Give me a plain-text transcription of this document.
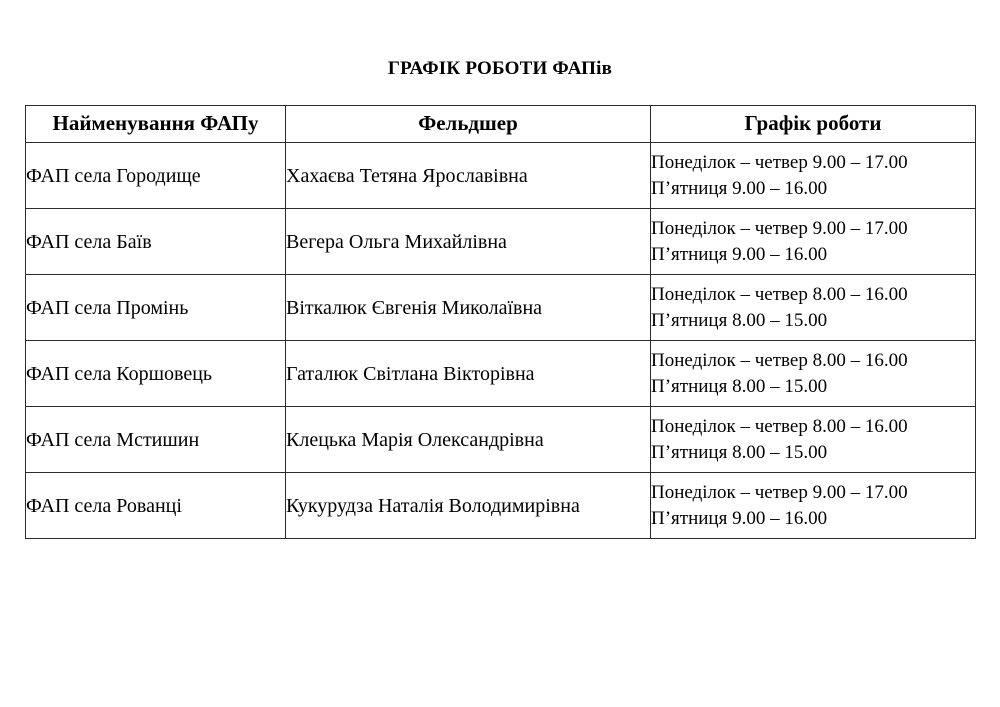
ГРАФІК РОБОТИ ФАПів
Найменування ФАПу	Фельдшер	Графік роботи
ФАП села Городище	Хахаєва Тетяна Ярославівна	Понеділок – четвер 9.00 – 17.00
П’ятниця 9.00 – 16.00

ФАП села Баїв	Вегера Ольга Михайлівна	Понеділок – четвер 9.00 – 17.00
П’ятниця 9.00 – 16.00

ФАП села Промінь	Віткалюк Євгенія Миколаївна	Понеділок – четвер 8.00 – 16.00
П’ятниця 8.00 – 15.00

ФАП села Коршовець	Гаталюк Світлана Вікторівна	Понеділок – четвер 8.00 – 16.00
П’ятниця 8.00 – 15.00

ФАП села Мстишин	Клецька Марія Олександрівна	Понеділок – четвер 8.00 – 16.00
П’ятниця 8.00 – 15.00

ФАП села Рованці	Кукурудза Наталія Володимирівна	Понеділок – четвер 9.00 – 17.00
П’ятниця 9.00 – 16.00
